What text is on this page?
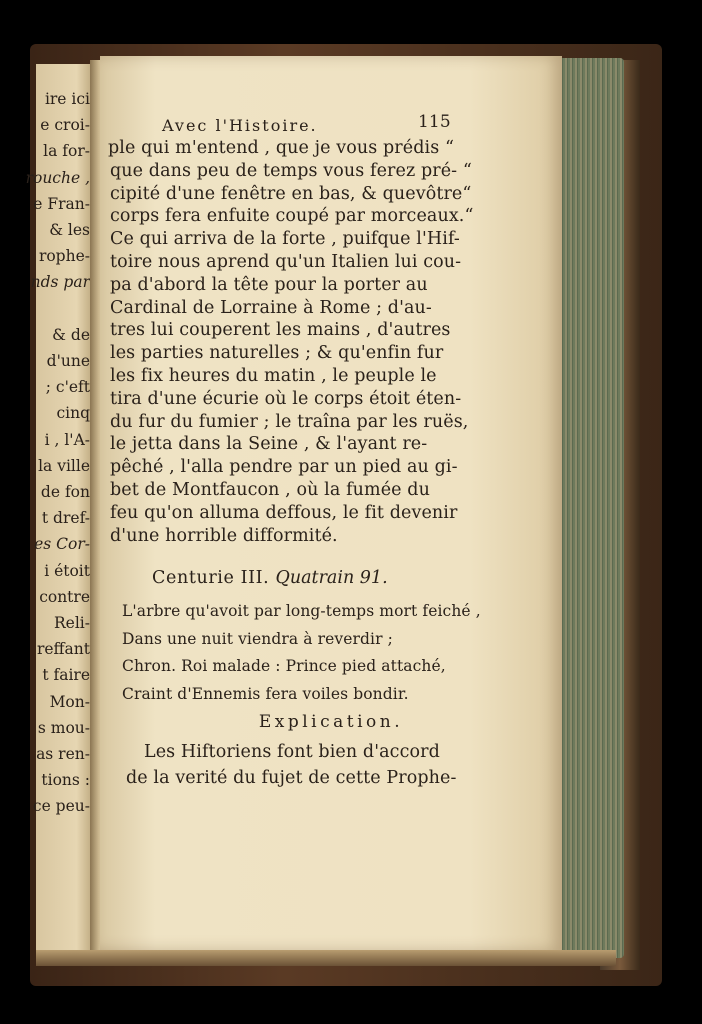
ire ici
e croi-
la for-
rouche ,
e Fran-
& les
rophe-
nds par
& de
d'une
; c'eft
cinq
i , l'A-
la ville
de fon
t dref-
es Cor-
i étoit
contre
Reli-
reffant
t faire
Mon-
s mou-
as ren-
tions :
ce peu-
Avec l'Histoire.	115
ple qui m'entend , que je vous prédis “
que dans peu de temps vous ferez pré- “
cipité d'une fenêtre en bas, & quevôtre“
corps fera enfuite coupé par morceaux.“
Ce qui arriva de la forte , puifque l'Hif-
toire nous aprend qu'un Italien lui cou-
pa d'abord la tête pour la porter au
Cardinal de Lorraine à Rome ; d'au-
tres lui couperent les mains , d'autres
les parties naturelles ; & qu'enfin fur
les fix heures du matin , le peuple le
tira d'une écurie où le corps étoit éten-
du fur du fumier ; le traîna par les ruës,
le jetta dans la Seine , & l'ayant re-
pêché , l'alla pendre par un pied au gi-
bet de Montfaucon , où la fumée du
feu qu'on alluma deffous, le fit devenir
d'une horrible difformité.
Centurie III. Quatrain 91.
L'arbre qu'avoit par long-temps mort feiché ,
Dans une nuit viendra à reverdir ;
Chron. Roi malade : Prince pied attaché,
Craint d'Ennemis fera voiles bondir.
Explication.
Les Hiftoriens font bien d'accord
de la verité du fujet de cette Prophe-
